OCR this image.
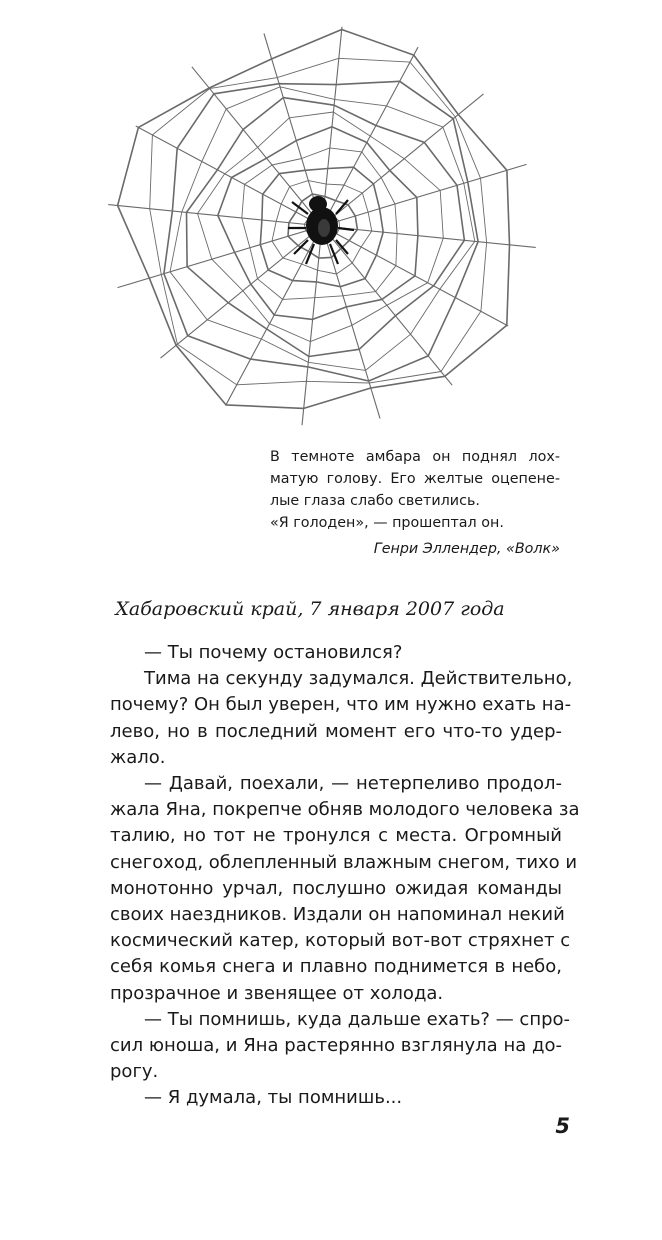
В темноте амбара он поднял лох-
матую голову. Его желтые оцепене-
лые глаза слабо светились.
«Я голоден», — прошептал он.
Генри Эллендер, «Волк»
Хабаровский край, 7 января 2007 года
— Ты почему остановился?
Тима на секунду задумался. Действительно,
почему? Он был уверен, что им нужно ехать на-
лево, но в последний момент его что-то удер-
жало.
— Давай, поехали, — нетерпеливо продол-
жала Яна, покрепче обняв молодого человека за
талию, но тот не тронулся с места. Огромный
снегоход, облепленный влажным снегом, тихо и
монотонно урчал, послушно ожидая команды
своих наездников. Издали он напоминал некий
космический катер, который вот-вот стряхнет с
себя комья снега и плавно поднимется в небо,
прозрачное и звенящее от холода.
— Ты помнишь, куда дальше ехать? — спро-
сил юноша, и Яна растерянно взглянула на до-
рогу.
— Я думала, ты помнишь...
5
